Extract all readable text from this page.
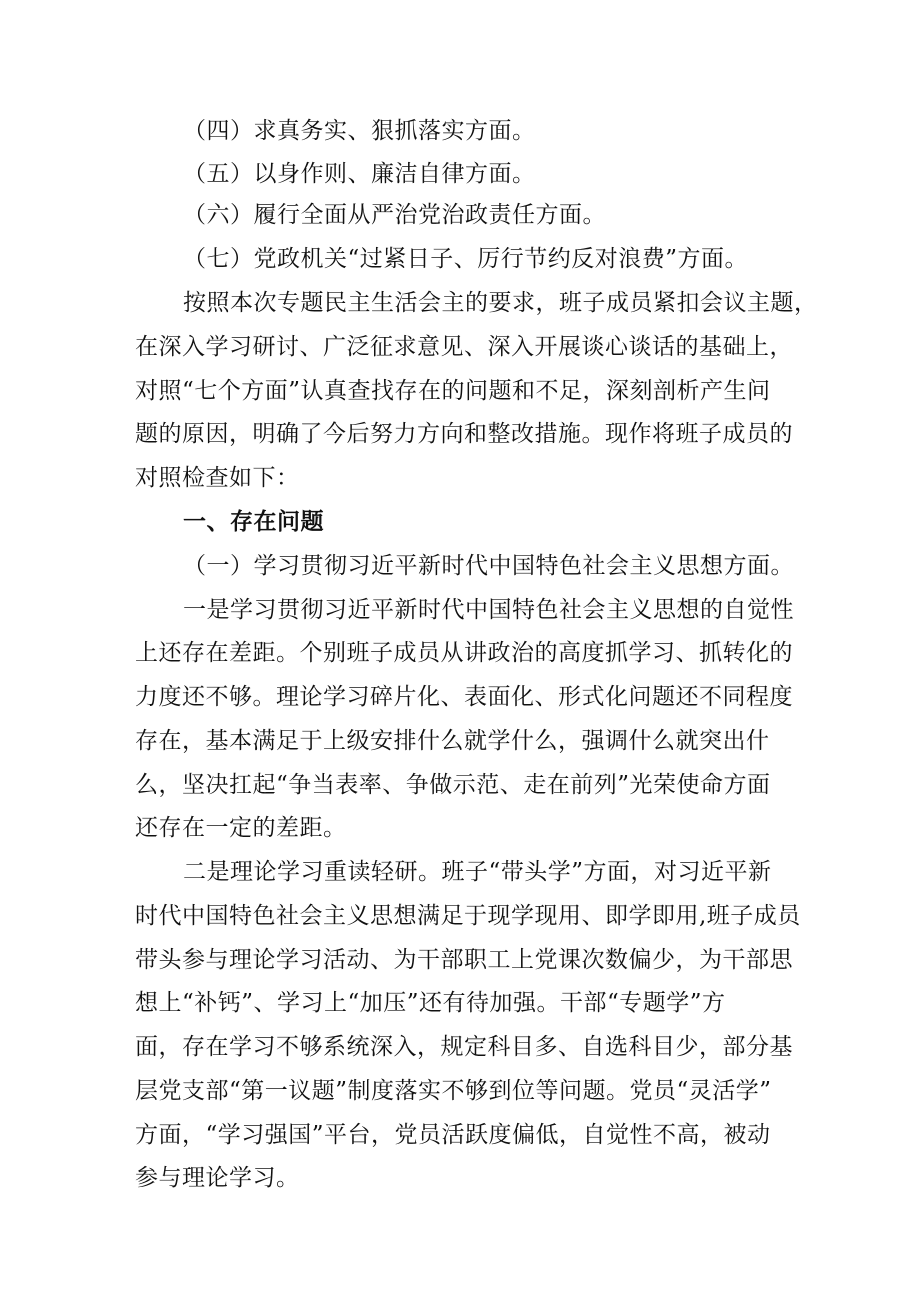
（四）求真务实、狠抓落实方面。

（五）以身作则、廉洁自律方面。

（六）履行全面从严治党治政责任方面。

（七）党政机关“过紧日子、厉行节约反对浪费”方面。

按照本次专题民主生活会主的要求，班子成员紧扣会议主题，

在深入学习研讨、广泛征求意见、深入开展谈心谈话的基础上，

对照“七个方面”认真查找存在的问题和不足，深刻剖析产生问

题的原因，明确了今后努力方向和整改措施。现作将班子成员的

对照检查如下：

一、存在问题

（一）学习贯彻习近平新时代中国特色社会主义思想方面。

一是学习贯彻习近平新时代中国特色社会主义思想的自觉性

上还存在差距。个别班子成员从讲政治的高度抓学习、抓转化的

力度还不够。理论学习碎片化、表面化、形式化问题还不同程度

存在，基本满足于上级安排什么就学什么，强调什么就突出什

么，坚决扛起“争当表率、争做示范、走在前列”光荣使命方面

还存在一定的差距。

二是理论学习重读轻研。班子“带头学”方面，对习近平新

时代中国特色社会主义思想满足于现学现用、即学即用,班子成员

带头参与理论学习活动、为干部职工上党课次数偏少，为干部思

想上“补钙”、学习上“加压”还有待加强。干部“专题学”方

面，存在学习不够系统深入，规定科目多、自选科目少，部分基

层党支部“第一议题”制度落实不够到位等问题。党员“灵活学”

方面，“学习强国”平台，党员活跃度偏低，自觉性不高，被动

参与理论学习。
